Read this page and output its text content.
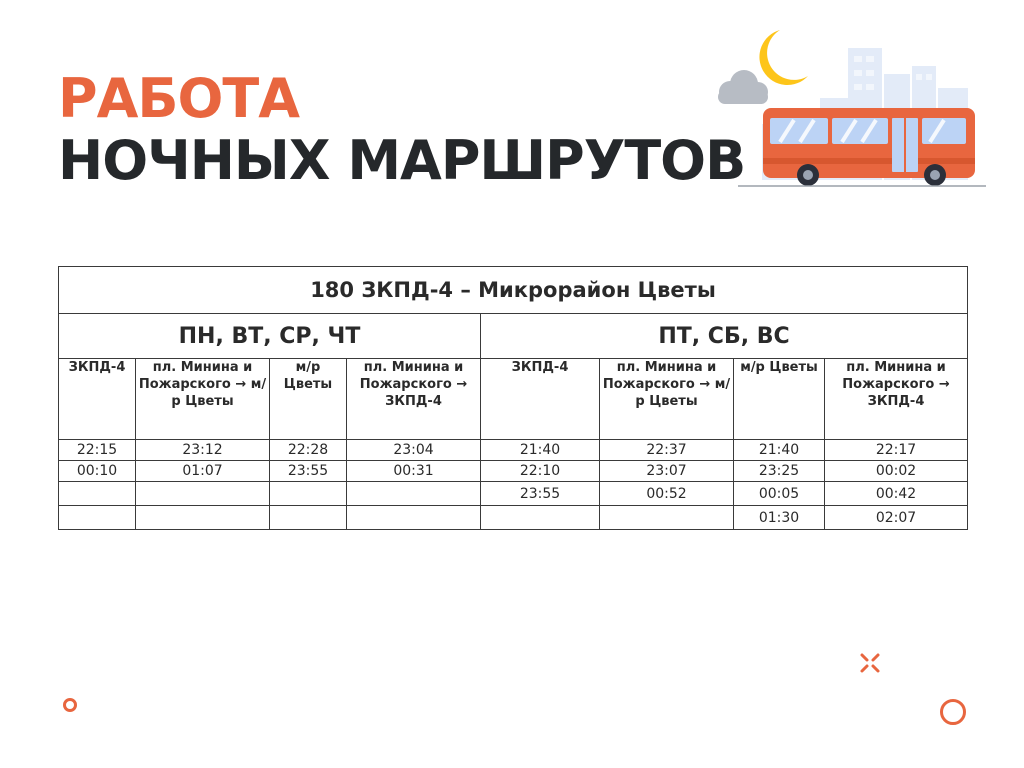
РАБОТА
НОЧНЫХ МАРШРУТОВ
180 ЗКПД-4 – Микрорайон Цветы							
ПН, ВТ, СР, ЧТ				ПТ, СБ, ВС			
ЗКПД-4	пл. Минина и Пожарского → м/р Цветы	м/р Цветы	пл. Минина и Пожарского → ЗКПД-4	ЗКПД-4	пл. Минина и Пожарского → м/р Цветы	м/р Цветы	пл. Минина и Пожарского → ЗКПД-4
22:15	23:12	22:28	23:04	21:40	22:37	21:40	22:17
00:10	01:07	23:55	00:31	22:10	23:07	23:25	00:02
				23:55	00:52	00:05	00:42
						01:30	02:07
